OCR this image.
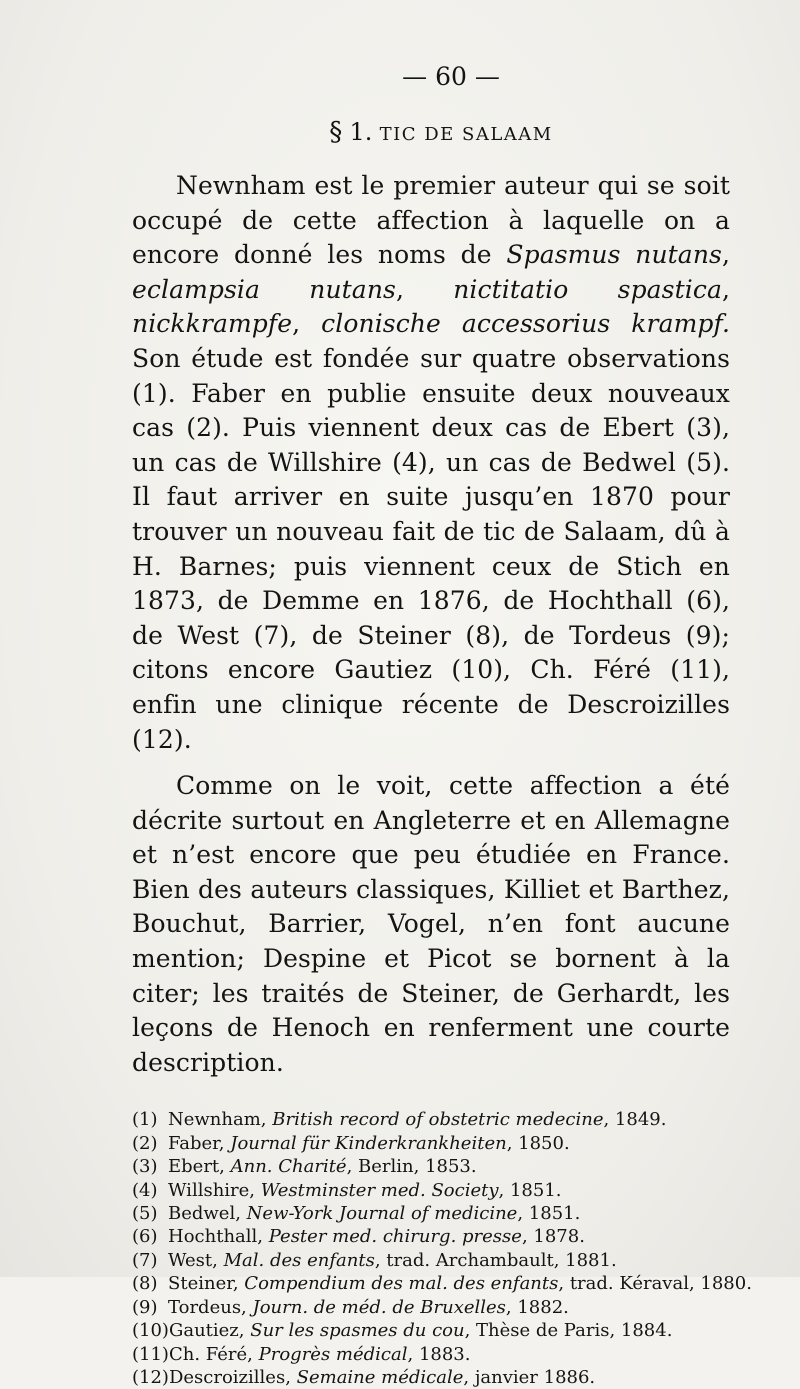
— 60 —
§ 1. TIC DE SALAAM

Newnham est le premier auteur qui se soit occupé de cette affection à laquelle on a encore donné les noms de Spasmus nutans, eclampsia nutans, nictitatio spastica, nickkrampfe, clonische accessorius krampf. Son étude est fondée sur quatre observations (1). Faber en publie ensuite deux nouveaux cas (2). Puis viennent deux cas de Ebert (3), un cas de Willshire (4), un cas de Bedwel (5). Il faut arriver en suite jusqu’en 1870 pour trouver un nouveau fait de tic de Salaam, dû à H. Barnes; puis viennent ceux de Stich en 1873, de Demme en 1876, de Hochthall (6), de West (7), de Steiner (8), de Tordeus (9); citons encore Gautiez (10), Ch. Féré (11), enfin une clinique récente de Descroizilles (12).

Comme on le voit, cette affection a été décrite surtout en Angleterre et en Allemagne et n’est encore que peu étudiée en France. Bien des auteurs classiques, Killiet et Barthez, Bouchut, Barrier, Vogel, n’en font aucune mention; Despine et Picot se bornent à la citer; les traités de Steiner, de Gerhardt, les leçons de Henoch en renferment une courte description.

(1) Newnham, British record of obstetric medecine, 1849.
(2) Faber, Journal für Kinderkrankheiten, 1850.
(3) Ebert, Ann. Charité, Berlin, 1853.
(4) Willshire, Westminster med. Society, 1851.
(5) Bedwel, New-York Journal of medicine, 1851.
(6) Hochthall, Pester med. chirurg. presse, 1878.
(7) West, Mal. des enfants, trad. Archambault, 1881.
(8) Steiner, Compendium des mal. des enfants, trad. Kéraval, 1880.
(9) Tordeus, Journ. de méd. de Bruxelles, 1882.
(10)Gautiez, Sur les spasmes du cou, Thèse de Paris, 1884.
(11)Ch. Féré, Progrès médical, 1883.
(12)Descroizilles, Semaine médicale, janvier 1886.
